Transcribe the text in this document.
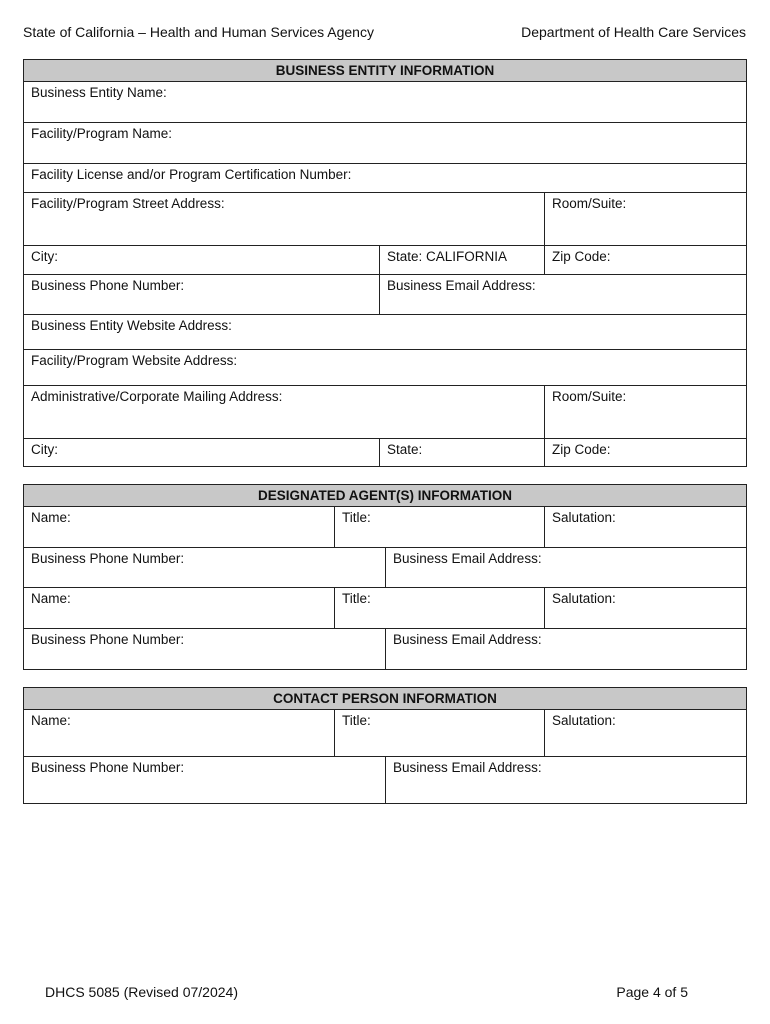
State of California – Health and Human Services Agency	Department of Health Care Services
BUSINESS ENTITY INFORMATION
Business Entity Name:
Facility/Program Name:
Facility License and/or Program Certification Number:
Facility/Program Street Address:	Room/Suite:
City:	State: CALIFORNIA	Zip Code:
Business Phone Number:	Business Email Address:
Business Entity Website Address:
Facility/Program Website Address:
Administrative/Corporate Mailing Address:	Room/Suite:
City:	State:	Zip Code:
DESIGNATED AGENT(S) INFORMATION
Name:	Title:	Salutation:
Business Phone Number:	Business Email Address:
Name:	Title:	Salutation:
Business Phone Number:	Business Email Address:
CONTACT PERSON INFORMATION
Name:	Title:	Salutation:
Business Phone Number:	Business Email Address:
DHCS 5085 (Revised 07/2024)	Page 4 of 5
